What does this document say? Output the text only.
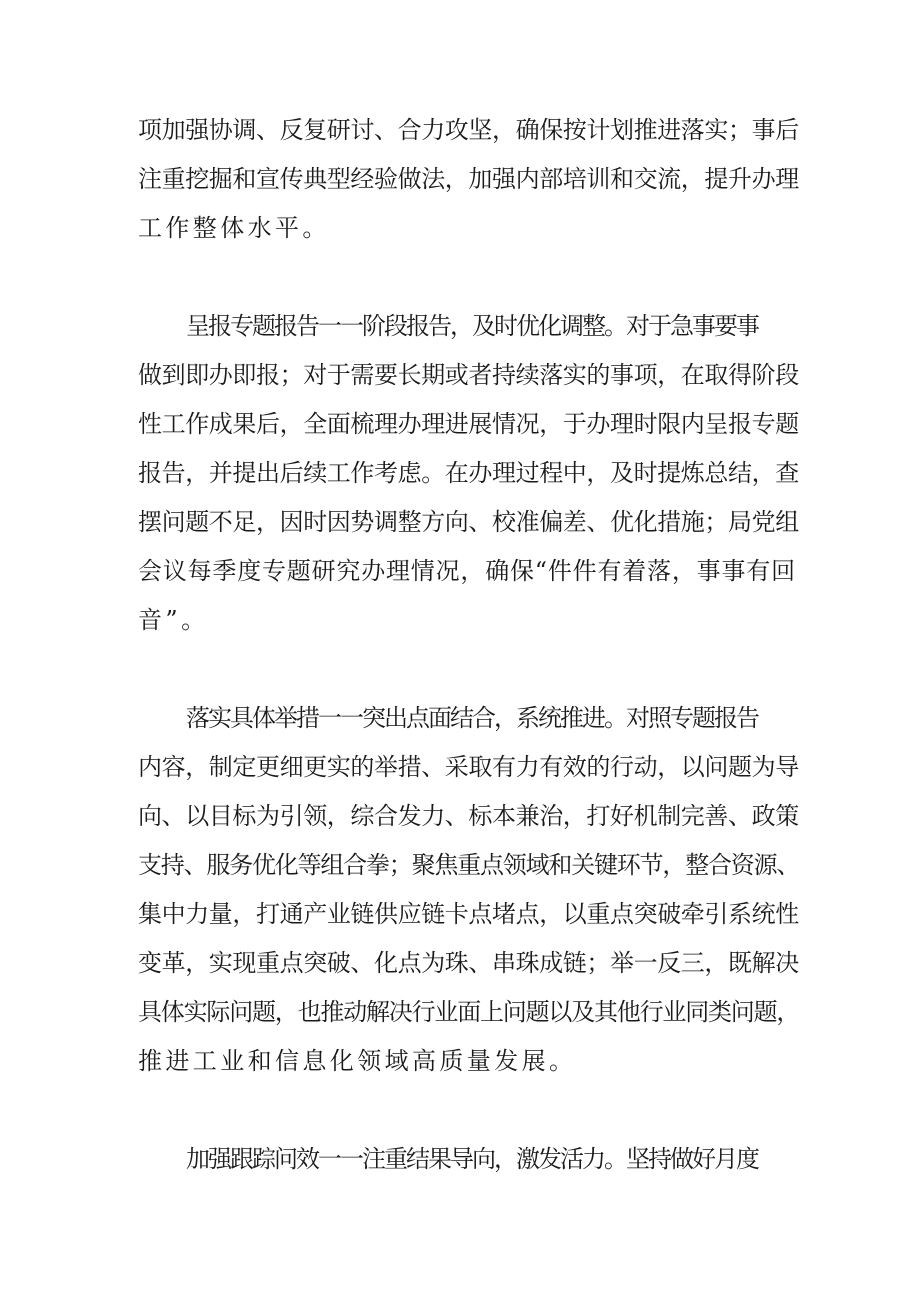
项加强协调、反复研讨、合力攻坚，确保按计划推进落实；事后
注重挖掘和宣传典型经验做法，加强内部培训和交流，提升办理
工作整体水平。
呈报专题报告一一阶段报告，及时优化调整。对于急事要事
做到即办即报；对于需要长期或者持续落实的事项，在取得阶段
性工作成果后，全面梳理办理进展情况，于办理时限内呈报专题
报告，并提出后续工作考虑。在办理过程中，及时提炼总结，查
摆问题不足，因时因势调整方向、校准偏差、优化措施；局党组
会议每季度专题研究办理情况，确保“件件有着落，事事有回
音”。
落实具体举措一一突出点面结合，系统推进。对照专题报告
内容，制定更细更实的举措、采取有力有效的行动，以问题为导
向、以目标为引领，综合发力、标本兼治，打好机制完善、政策
支持、服务优化等组合拳；聚焦重点领域和关键环节，整合资源、
集中力量，打通产业链供应链卡点堵点，以重点突破牵引系统性
变革，实现重点突破、化点为珠、串珠成链；举一反三，既解决
具体实际问题，也推动解决行业面上问题以及其他行业同类问题，
推进工业和信息化领域高质量发展。
加强跟踪问效一一注重结果导向，激发活力。坚持做好月度
